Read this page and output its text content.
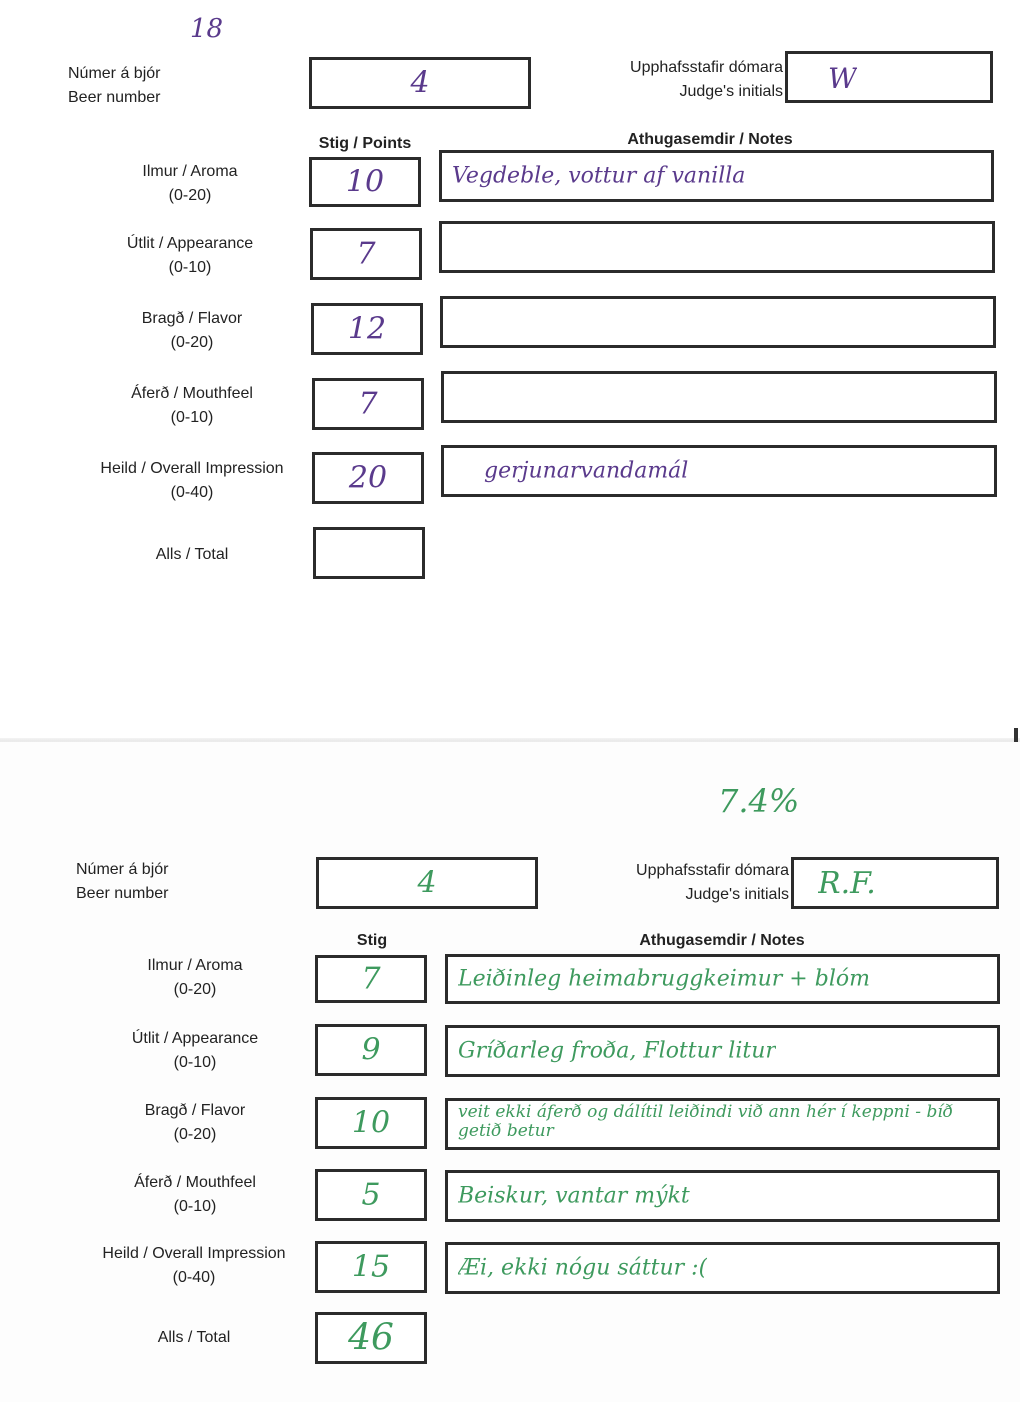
18
Númer á bjór
Beer number	4	Upphafsstafir dómara
Judge's initials W
Stig / Points	Athugasemdir / Notes
Ilmur / Aroma
(0-20)	10	Vegdeble, vottur af vanilla
Útlit / Appearance
(0-10)	7
Bragð / Flavor
(0-20)	12
Áferð / Mouthfeel
(0-10)	7
Heild / Overall Impression
(0-40)	20	gerjunarvandamál
Alls / Total
7.4%
Númer á bjór
Beer number	4	Upphafsstafir dómara
Judge's initials R.F.
Stig	Athugasemdir / Notes
Ilmur / Aroma
(0-20)	7	Leiðinleg heimabruggkeimur + blóm
Útlit / Appearance
(0-10)	9	Gríðarleg froða, Flottur litur
Bragð / Flavor
(0-20)	10	veit ekki áferð og dálítil leiðindi við ann hér í keppni - bíð getið betur
Áferð / Mouthfeel
(0-10)	5	Beiskur, vantar mýkt
Heild / Overall Impression
(0-40)	15	Æi, ekki nógu sáttur :(
Alls / Total	46
